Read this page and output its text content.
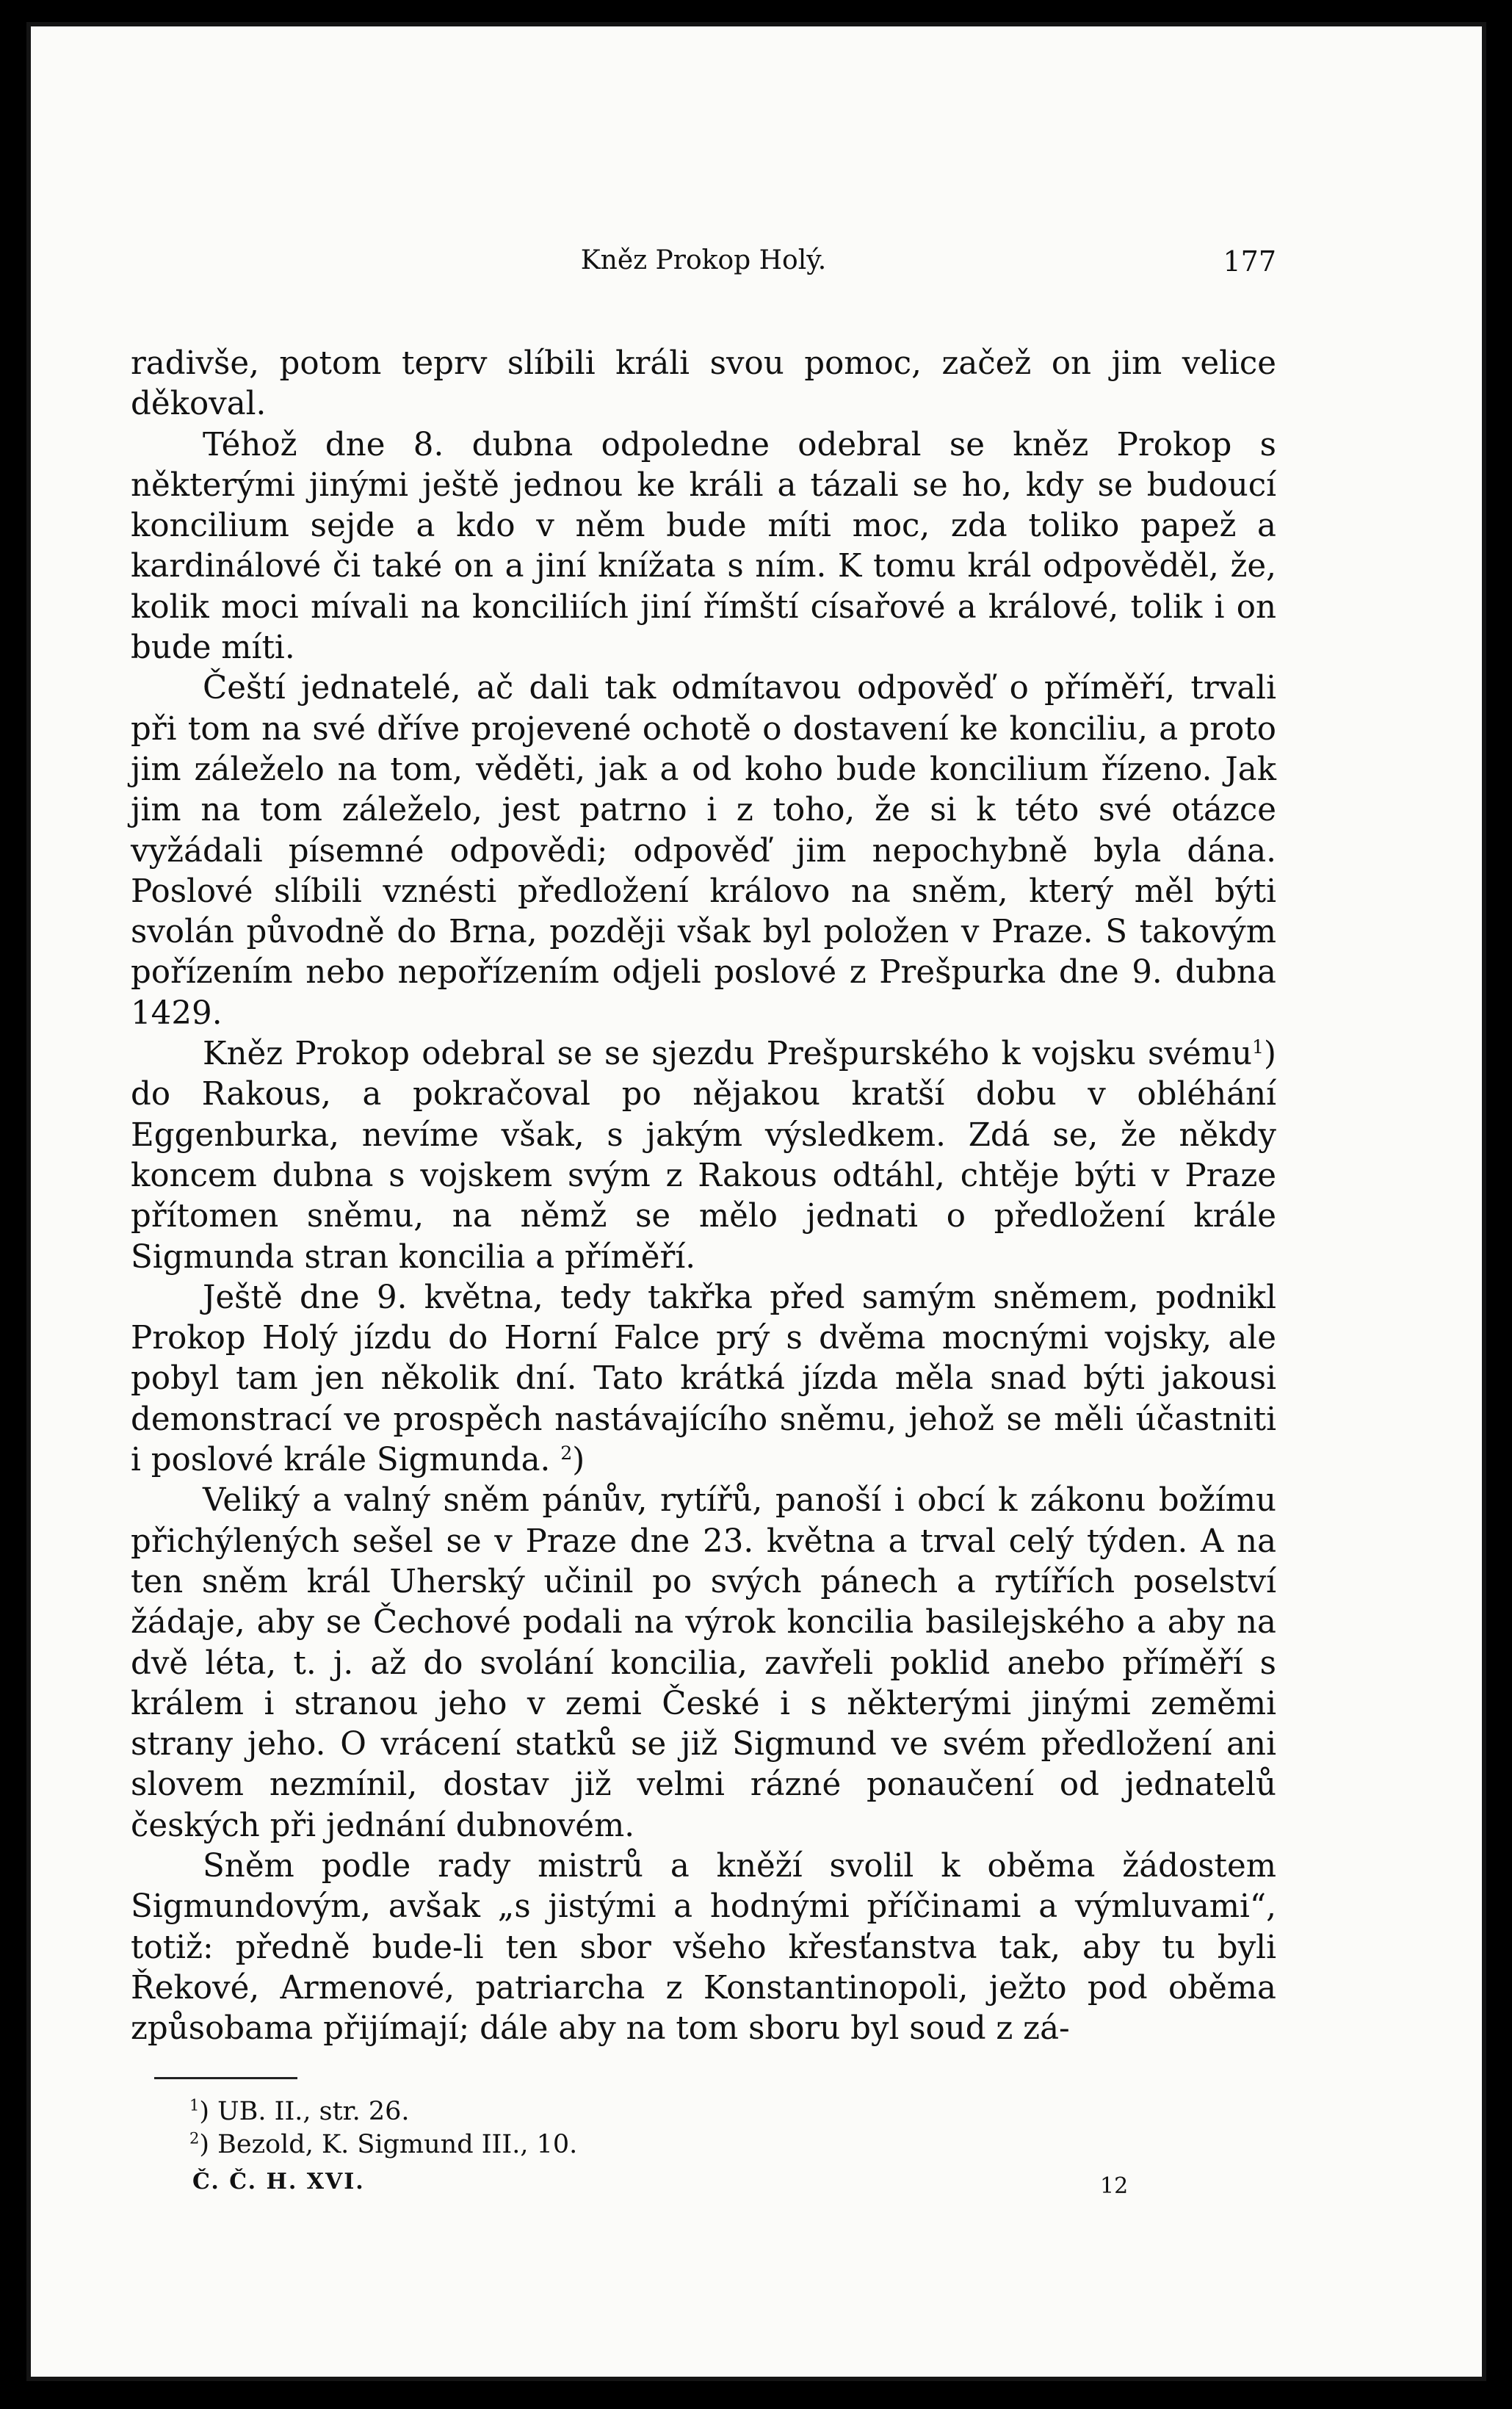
Kněz Prokop Holý.	177

radivše, potom teprv slíbili králi svou pomoc, začež on jim velice děkoval.

Téhož dne 8. dubna odpoledne odebral se kněz Prokop s některými jinými ještě jednou ke králi a tázali se ho, kdy se budoucí koncilium sejde a kdo v něm bude míti moc, zda toliko papež a kardinálové či také on a jiní knížata s ním. K tomu král odpověděl, že, kolik moci mívali na konciliích jiní římští císařové a králové, tolik i on bude míti.

Čeští jednatelé, ač dali tak odmítavou odpověď o příměří, trvali při tom na své dříve projevené ochotě o dostavení ke konciliu, a proto jim záleželo na tom, věděti, jak a od koho bude koncilium řízeno. Jak jim na tom záleželo, jest patrno i z toho, že si k této své otázce vyžádali písemné odpovědi; odpověď jim nepochybně byla dána. Poslové slíbili vznésti předložení královo na sněm, který měl býti svolán původně do Brna, později však byl položen v Praze. S takovým pořízením nebo nepořízením odjeli poslové z Prešpurka dne 9. dubna 1429.

Kněz Prokop odebral se se sjezdu Prešpurského k vojsku svému$^1$) do Rakous, a pokračoval po nějakou kratší dobu v obléhání Eggenburka, nevíme však, s jakým výsledkem. Zdá se, že někdy koncem dubna s vojskem svým z Rakous odtáhl, chtěje býti v Praze přítomen sněmu, na němž se mělo jednati o předložení krále Sigmunda stran koncilia a příměří.

Ještě dne 9. května, tedy takřka před samým sněmem, podnikl Prokop Holý jízdu do Horní Falce prý s dvěma mocnými vojsky, ale pobyl tam jen několik dní. Tato krátká jízda měla snad býti jakousi demonstrací ve prospěch nastávajícího sněmu, jehož se měli účastniti i poslové krále Sigmunda. $^2$)

Veliký a valný sněm pánův, rytířů, panoší i obcí k zákonu božímu přichýlených sešel se v Praze dne 23. května a trval celý týden. A na ten sněm král Uherský učinil po svých pánech a rytířích poselství žádaje, aby se Čechové podali na výrok koncilia basilejského a aby na dvě léta, t. j. až do svolání koncilia, zavřeli poklid anebo příměří s králem i stranou jeho v zemi České i s některými jinými zeměmi strany jeho. O vrácení statků se již Sigmund ve svém předložení ani slovem nezmínil, dostav již velmi rázné ponaučení od jednatelů českých při jednání dubnovém.

Sněm podle rady mistrů a kněží svolil k oběma žádostem Sigmundovým, avšak „s jistými a hodnými příčinami a výmluvami“, totiž: předně bude-li ten sbor všeho křesťanstva tak, aby tu byli Řekové, Armenové, patriarcha z Konstantinopoli, ježto pod oběma způsobama přijímají; dále aby na tom sboru byl soud z zá-

$^1$) UB. II., str. 26.
$^2$) Bezold, K. Sigmund III., 10.
Č. Č. H. XVI.	12
